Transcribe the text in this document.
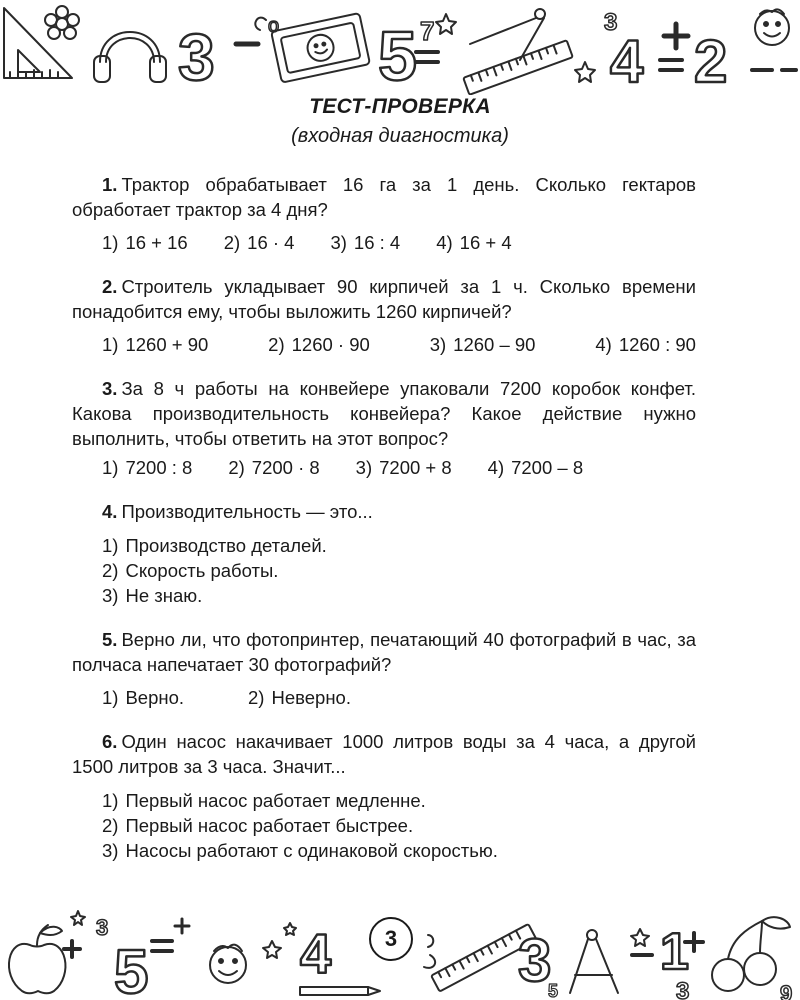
3	o 5 7	3
4 2
ТЕСТ-ПРОВЕРКА
(входная диагностика)
1. Трактор обрабатывает 16 га за 1 день. Сколько гектаров обработает трактор за 4 дня?
1) 16 + 16 2) 16 · 4 3) 16 : 4 4) 16 + 4
2. Строитель укладывает 90 кирпичей за 1 ч. Сколько времени понадобится ему, чтобы выложить 1260 кирпичей?
1) 1260 + 90	2) 1260 · 90	3) 1260 – 90	4) 1260 : 90
3. За 8 ч работы на конвейере упаковали 7200 коробок конфет. Какова производительность конвейера? Какое действие нужно выполнить, чтобы ответить на этот вопрос?
1) 7200 : 8 2) 7200 · 8 3) 7200 + 8 4) 7200 – 8
4. Производительность — это...
1) Производство деталей.
2) Скорость работы.
3) Не знаю.
5. Верно ли, что фотопринтер, печатающий 40 фотографий в час, за полчаса напечатает 30 фотографий?
1) Верно.	2) Неверно.
6. Один насос накачивает 1000 литров воды за 4 часа, а другой 1500 литров за 3 часа. Значит...
1) Первый насос работает медленне.
2) Первый насос работает быстрее.
3) Насосы работают с одинаковой скоростью.
3
5	4	3
5
1
3	9
3
